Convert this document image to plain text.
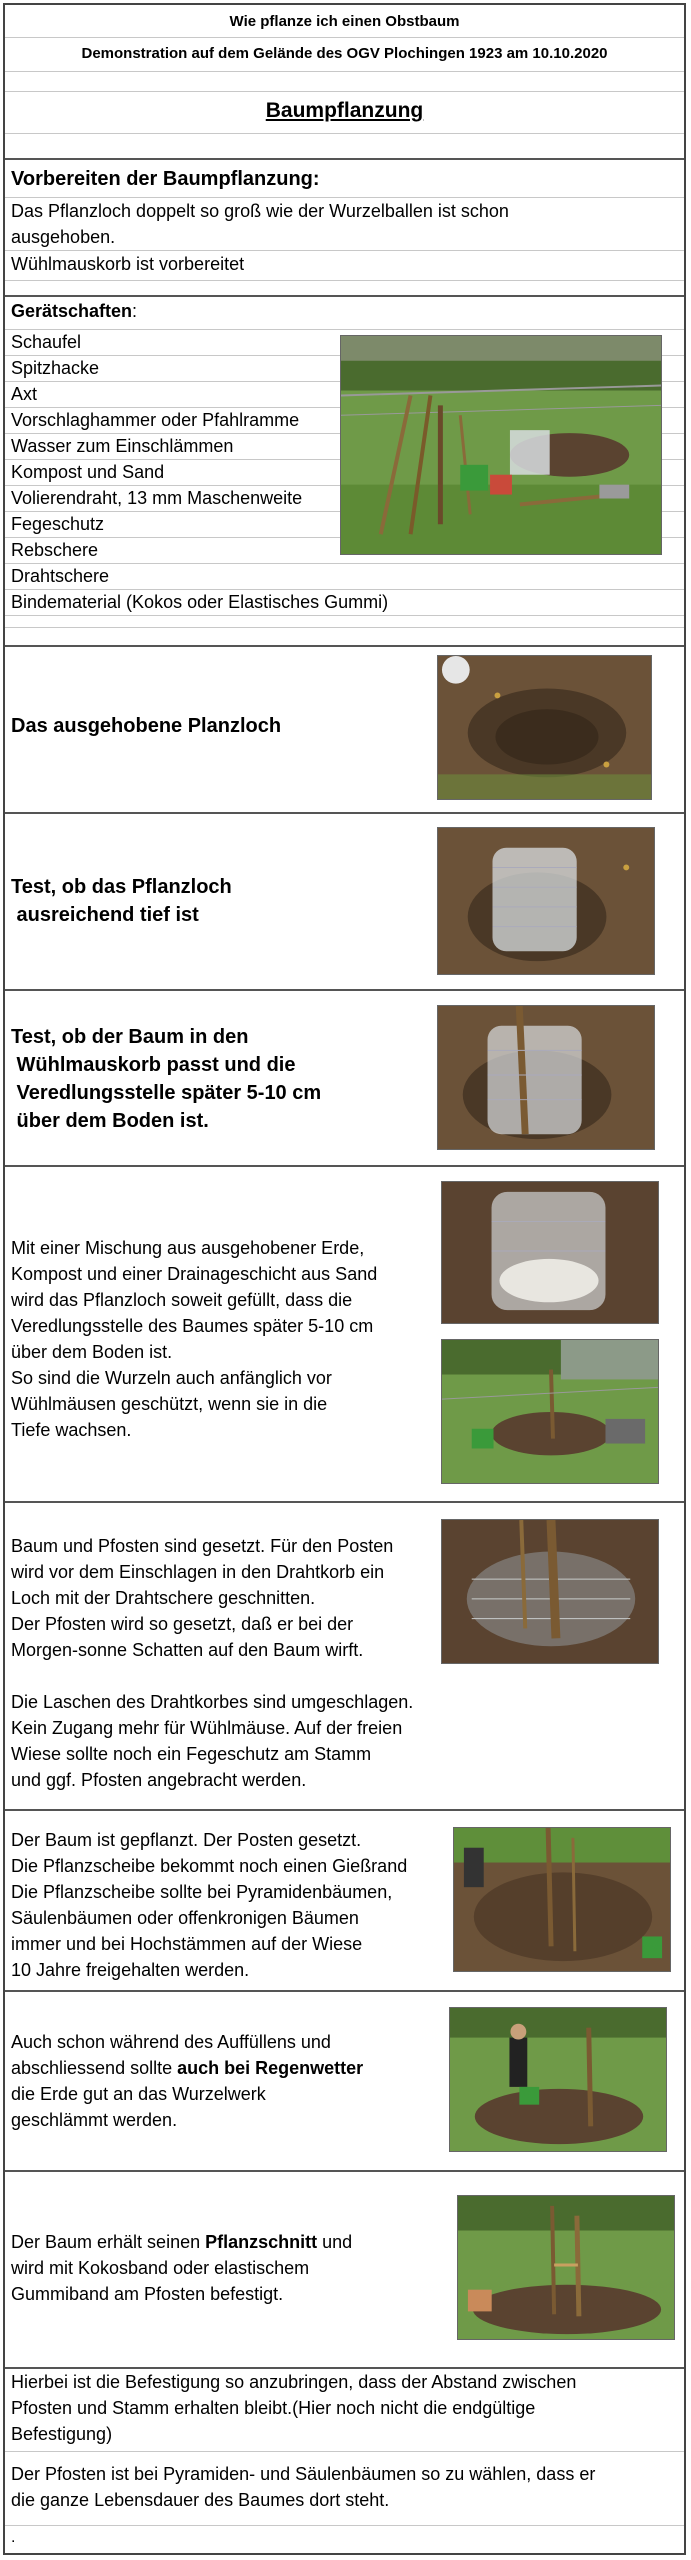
Wie pflanze ich einen Obstbaum
Demonstration auf dem Gelände des OGV Plochingen 1923 am 10.10.2020
Baumpflanzung
Vorbereiten der Baumpflanzung:
Das Pflanzloch doppelt so groß wie der Wurzelballen ist schon
ausgehoben.
Wühlmauskorb ist vorbereitet
Gerätschaften:
Schaufel
Spitzhacke
Axt
Vorschlaghammer oder Pfahlramme
Wasser zum Einschlämmen
Kompost und Sand
Volierendraht, 13 mm Maschenweite
Fegeschutz
Rebschere
Drahtschere
Bindematerial (Kokos oder Elastisches Gummi)
Das ausgehobene Planzloch
Test, ob das Pflanzloch
ausreichend tief ist
Test, ob der Baum in den
Wühlmauskorb passt und die
Veredlungsstelle später 5-10 cm
über dem Boden ist.
Mit einer Mischung aus ausgehobener Erde,
Kompost und einer Drainageschicht aus Sand
wird das Pflanzloch soweit gefüllt, dass die
Veredlungsstelle des Baumes später 5-10 cm
über dem Boden ist.
So sind die Wurzeln auch anfänglich vor
Wühlmäusen geschützt, wenn sie in die
Tiefe wachsen.
Baum und Pfosten sind gesetzt. Für den Posten
wird vor dem Einschlagen in den Drahtkorb ein
Loch mit der Drahtschere geschnitten.
Der Pfosten wird so gesetzt, daß er bei der
Morgen-sonne Schatten auf den Baum wirft.
Die Laschen des Drahtkorbes sind umgeschlagen.
Kein Zugang mehr für Wühlmäuse. Auf der freien
Wiese sollte noch ein Fegeschutz am Stamm
und ggf. Pfosten angebracht werden.
Der Baum ist gepflanzt. Der Posten gesetzt.
Die Pflanzscheibe bekommt noch einen Gießrand
Die Pflanzscheibe sollte bei Pyramidenbäumen,
Säulenbäumen oder offenkronigen Bäumen
immer und bei Hochstämmen auf der Wiese
10 Jahre freigehalten werden.
Auch schon während des Auffüllens und
abschliessend sollte auch bei Regenwetter
die Erde gut an das Wurzelwerk
geschlämmt werden.
Der Baum erhält seinen Pflanzschnitt und
wird mit Kokosband oder elastischem
Gummiband am Pfosten befestigt.
Hierbei ist die Befestigung so anzubringen, dass der Abstand zwischen
Pfosten und Stamm erhalten bleibt.(Hier noch nicht die endgültige
Befestigung)
Der Pfosten ist bei Pyramiden- und Säulenbäumen so zu wählen, dass er
die ganze Lebensdauer des Baumes dort steht.
.
